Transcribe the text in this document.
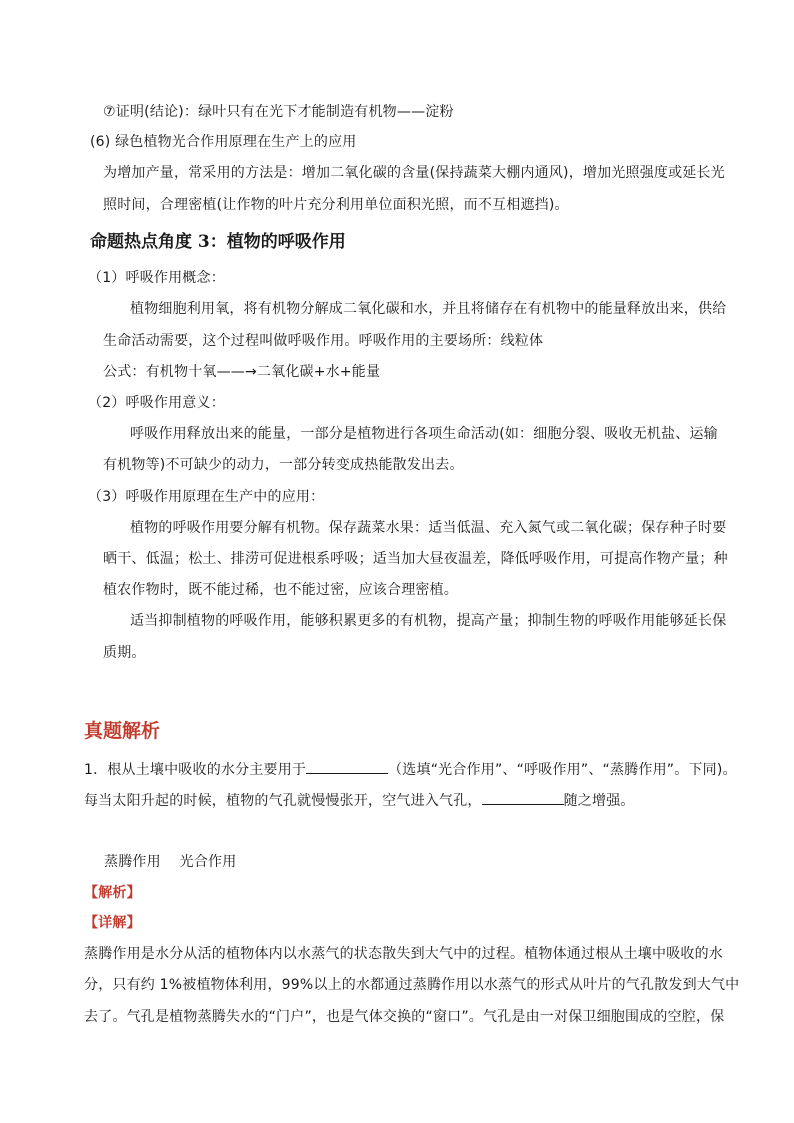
⑦证明(结论)：绿叶只有在光下才能制造有机物——淀粉
(6) 绿色植物光合作用原理在生产上的应用
为增加产量，常采用的方法是：增加二氧化碳的含量(保持蔬菜大棚内通风)，增加光照强度或延长光
照时间，合理密植(让作物的叶片充分利用单位面积光照，而不互相遮挡)。
命题热点角度 3：植物的呼吸作用
（1）呼吸作用概念：
植物细胞利用氧，将有机物分解成二氧化碳和水，并且将储存在有机物中的能量释放出来，供给
生命活动需要，这个过程叫做呼吸作用。呼吸作用的主要场所：线粒体
公式：有机物十氧——→二氧化碳+水+能量
（2）呼吸作用意义：
呼吸作用释放出来的能量，一部分是植物进行各项生命活动(如：细胞分裂、吸收无机盐、运输
有机物等)不可缺少的动力，一部分转变成热能散发出去。
（3）呼吸作用原理在生产中的应用：
植物的呼吸作用要分解有机物。保存蔬菜水果：适当低温、充入氮气或二氧化碳；保存种子时要
晒干、低温；松土、排涝可促进根系呼吸；适当加大昼夜温差，降低呼吸作用，可提高作物产量；种
植农作物时，既不能过稀，也不能过密，应该合理密植。
适当抑制植物的呼吸作用，能够积累更多的有机物，提高产量；抑制生物的呼吸作用能够延长保
质期。
真题解析
1．根从土壤中吸收的水分主要用于	（选填“光合作用”、“呼吸作用”、“蒸腾作用”。下同)。
每当太阳升起的时候，植物的气孔就慢慢张开，空气进入气孔，	随之增强。
蒸腾作用　 光合作用
【解析】
【详解】
蒸腾作用是水分从活的植物体内以水蒸气的状态散失到大气中的过程。植物体通过根从土壤中吸收的水
分，只有约 1%被植物体利用，99%以上的水都通过蒸腾作用以水蒸气的形式从叶片的气孔散发到大气中
去了。气孔是植物蒸腾失水的“门户”，也是气体交换的“窗口”。气孔是由一对保卫细胞围成的空腔，保
